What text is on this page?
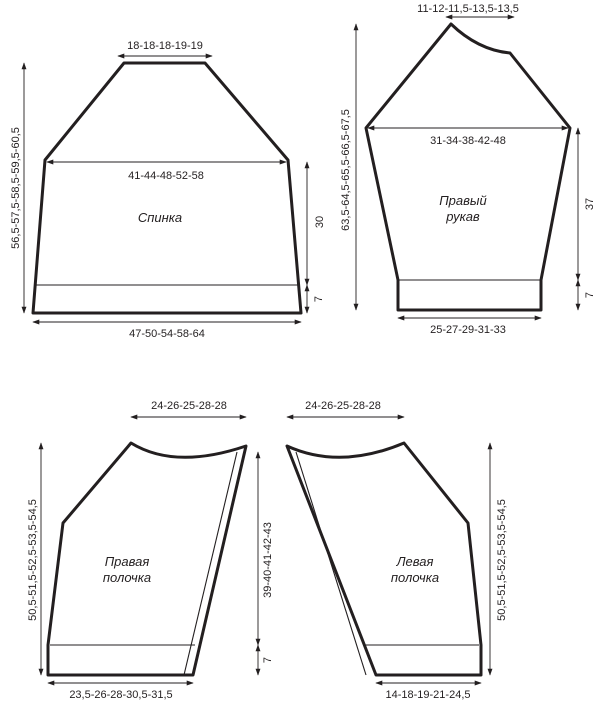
18-18-18-19-19
41-44-48-52-58
56,5-57,5-58,5-59,5-60,5	30
7
47-50-54-58-64
Спинка
11-12-11,5-13,5-13,5
31-34-38-42-48
63,5-64,5-65,5-66,5-67,5	37
7
25-27-29-31-33
Правый
рукав
24-26-25-28-28
50,5-51,5-52,5-53,5-54,5
23,5-26-28-30,5-31,5
Правая
полочка	39-40-41-42-43
7
24-26-25-28-28
50,5-51,5-52,5-53,5-54,5
14-18-19-21-24,5
Левая
полочка
